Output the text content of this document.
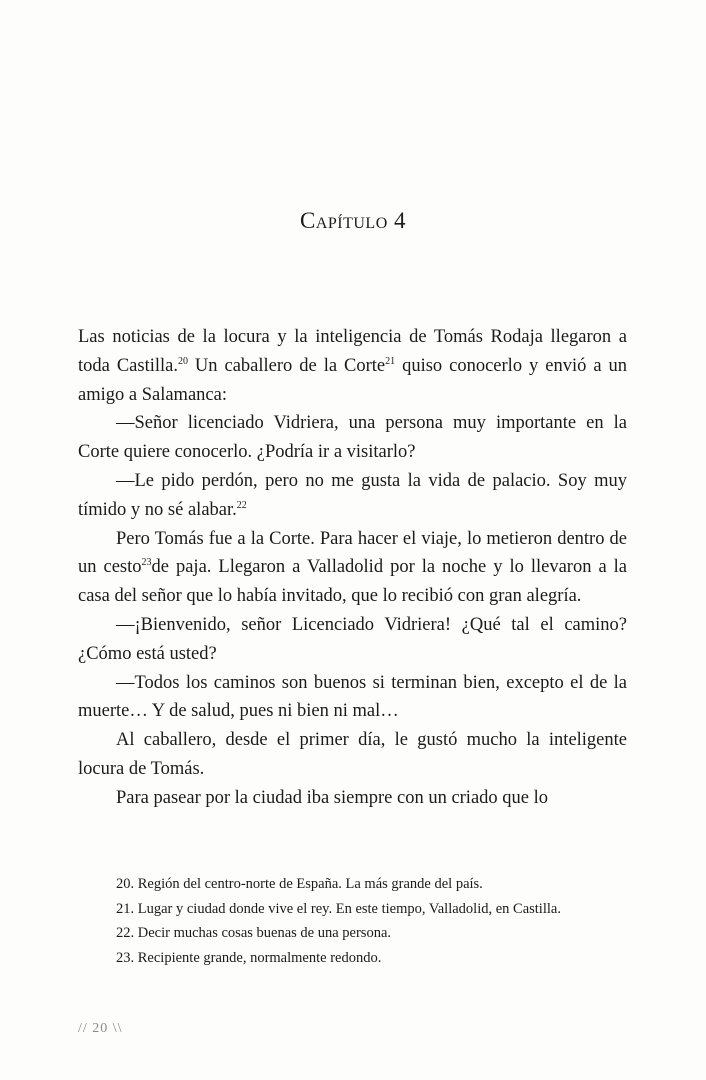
Capítulo 4

Las noticias de la locura y la inteligencia de Tomás Rodaja llegaron a toda Castilla.$^{20}$ Un caballero de la Corte$^{21}$ quiso conocerlo y envió a un amigo a Salamanca:

—Señor licenciado Vidriera, una persona muy importante en la Corte quiere conocerlo. ¿Podría ir a visitarlo?

—Le pido perdón, pero no me gusta la vida de palacio. Soy muy tímido y no sé alabar.$^{22}$

Pero Tomás fue a la Corte. Para hacer el viaje, lo metieron dentro de un cesto$^{23}$de paja. Llegaron a Valladolid por la noche y lo llevaron a la casa del señor que lo había invitado, que lo recibió con gran alegría.

—¡Bienvenido, señor Licenciado Vidriera! ¿Qué tal el camino? ¿Cómo está usted?

—Todos los caminos son buenos si terminan bien, excepto el de la muerte… Y de salud, pues ni bien ni mal…

Al caballero, desde el primer día, le gustó mucho la inteligente locura de Tomás.

Para pasear por la ciudad iba siempre con un criado que lo

20. Región del centro-norte de España. La más grande del país.

21. Lugar y ciudad donde vive el rey. En este tiempo, Valladolid, en Castilla.

22. Decir muchas cosas buenas de una persona.

23. Recipiente grande, normalmente redondo.

// 20 \\
